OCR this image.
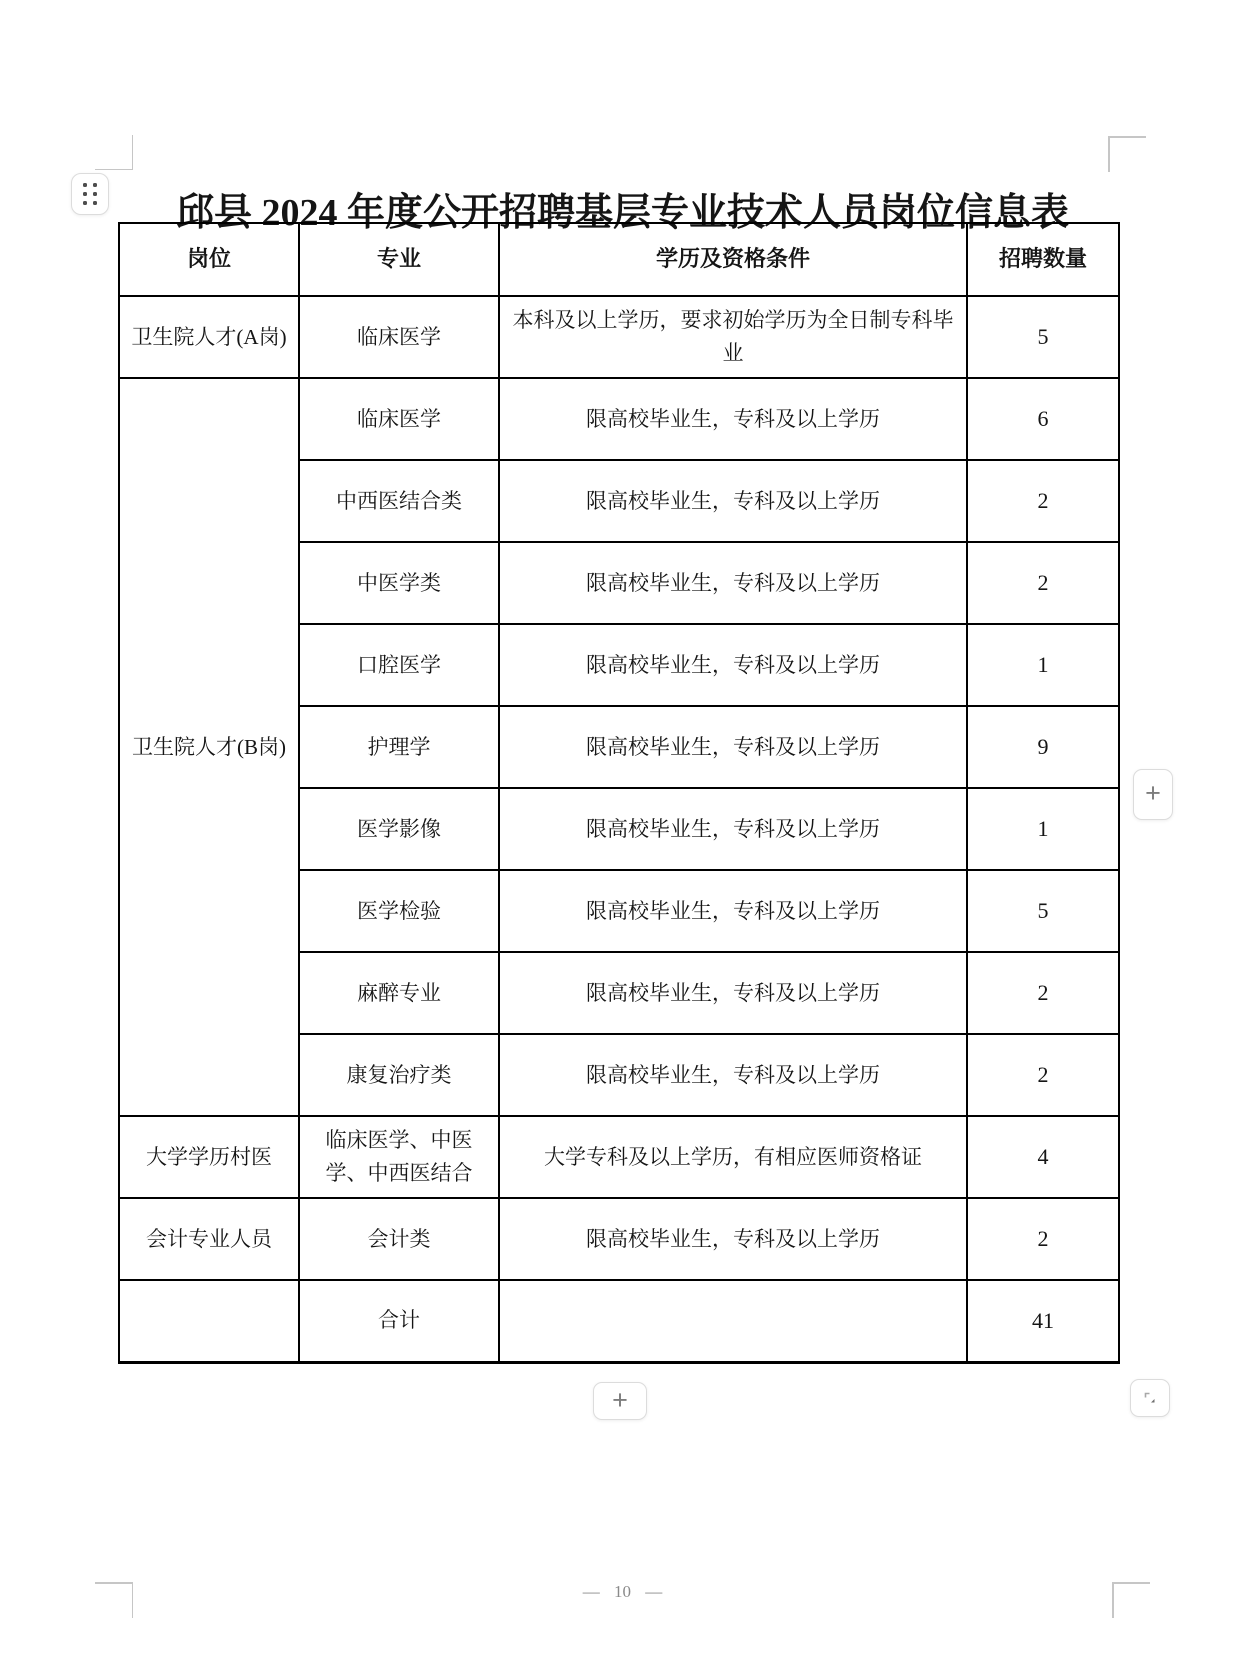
邱县 2024 年度公开招聘基层专业技术人员岗位信息表
岗位	专业	学历及资格条件	招聘数量
卫生院人才(A岗)	临床医学	本科及以上学历，要求初始学历为全日制专科毕业	5
卫生院人才(B岗)	临床医学	限高校毕业生，专科及以上学历	6
	中西医结合类	限高校毕业生，专科及以上学历	2
	中医学类	限高校毕业生，专科及以上学历	2
	口腔医学	限高校毕业生，专科及以上学历	1
	护理学	限高校毕业生，专科及以上学历	9
	医学影像	限高校毕业生，专科及以上学历	1
	医学检验	限高校毕业生，专科及以上学历	5
	麻醉专业	限高校毕业生，专科及以上学历	2
	康复治疗类	限高校毕业生，专科及以上学历	2
大学学历村医	临床医学、中医学、中西医结合	大学专科及以上学历，有相应医师资格证	4
会计专业人员	会计类	限高校毕业生，专科及以上学历	2
	合计		41
+
+
— 10 —
